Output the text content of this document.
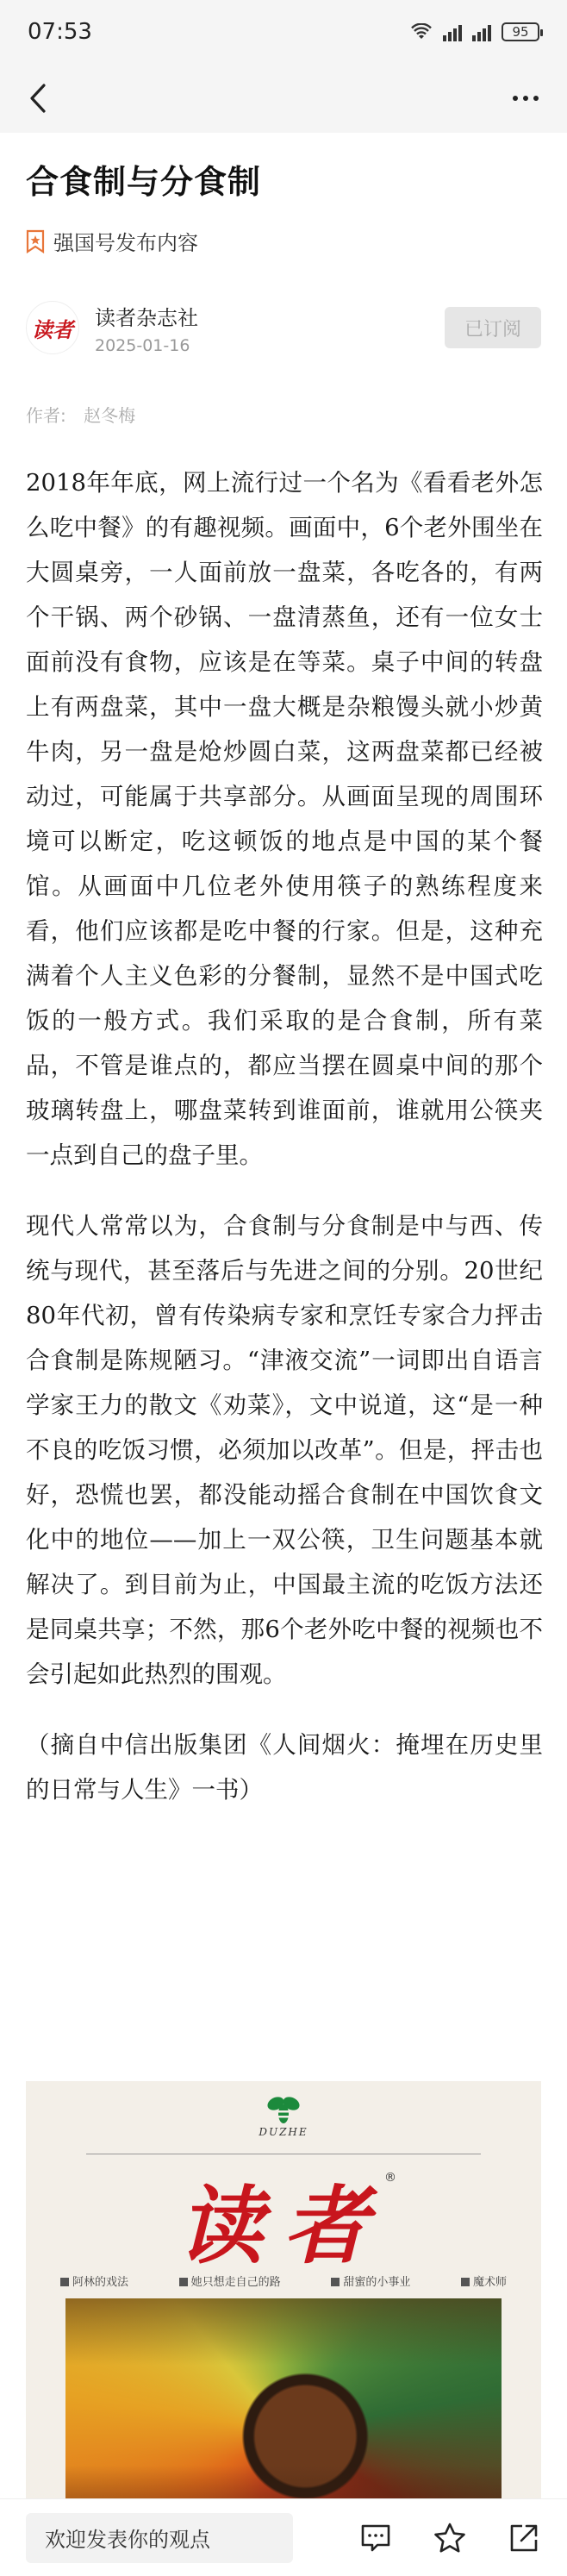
07:53	95
合食制与分食制
强国号发布内容
读者 读者杂志社
2025-01-16
已订阅
作者: 赵冬梅

2018年年底，网上流行过一个名为《看看老外怎么吃中餐》的有趣视频。画面中，6个老外围坐在大圆桌旁，一人面前放一盘菜，各吃各的，有两个干锅、两个砂锅、一盘清蒸鱼，还有一位女士面前没有食物，应该是在等菜。桌子中间的转盘上有两盘菜，其中一盘大概是杂粮馒头就小炒黄牛肉，另一盘是炝炒圆白菜，这两盘菜都已经被动过，可能属于共享部分。从画面呈现的周围环境可以断定，吃这顿饭的地点是中国的某个餐馆。从画面中几位老外使用筷子的熟练程度来看，他们应该都是吃中餐的行家。但是，这种充满着个人主义色彩的分餐制，显然不是中国式吃饭的一般方式。我们采取的是合食制，所有菜品，不管是谁点的，都应当摆在圆桌中间的那个玻璃转盘上，哪盘菜转到谁面前，谁就用公筷夹一点到自己的盘子里。

现代人常常以为，合食制与分食制是中与西、传统与现代，甚至落后与先进之间的分别。20世纪80年代初，曾有传染病专家和烹饪专家合力抨击合食制是陈规陋习。“津液交流”一词即出自语言学家王力的散文《劝菜》，文中说道，这“是一种不良的吃饭习惯，必须加以改革”。但是，抨击也好，恐慌也罢，都没能动摇合食制在中国饮食文化中的地位——加上一双公筷，卫生问题基本就解决了。到目前为止，中国最主流的吃饭方法还是同桌共享；不然，那6个老外吃中餐的视频也不会引起如此热烈的围观。

（摘自中信出版集团《人间烟火：掩埋在历史里的日常与人生》一书）

DUZHE
读者
®
阿林的戏法	她只想走自己的路	甜蜜的小事业	魔术师
欢迎发表你的观点
